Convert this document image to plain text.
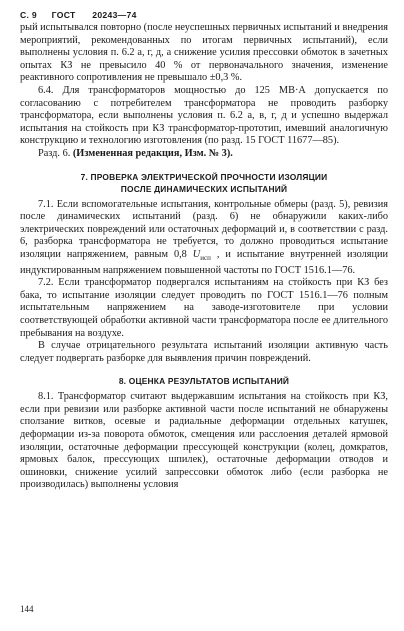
С. 9 ГОСТ 20243—74

рый испытывался повторно (после неуспешных первичных испытаний и внедрения мероприятий, рекомендованных по итогам первичных испытаний), если выполнены условия п. 6.2 а, г, д, а снижение усилия прессовки обмоток в зачетных опытах КЗ не превысило 40 % от первоначального значения, изменение реактивного сопротивления не превышало ±0,3 %.

6.4. Для трансформаторов мощностью до 125 МВ·А допускается по согласованию с потребителем трансформатора не проводить разборку трансформатора, если выполнены условия п. 6.2 а, в, г, д и успешно выдержал испытания на стойкость при КЗ трансформатор-прототип, имевший аналогичную конструкцию и технологию изготовления (по разд. 15 ГОСТ 11677—85).

Разд. 6. (Измененная редакция, Изм. № 3).

7. ПРОВЕРКА ЭЛЕКТРИЧЕСКОЙ ПРОЧНОСТИ ИЗОЛЯЦИИ
ПОСЛЕ ДИНАМИЧЕСКИХ ИСПЫТАНИЙ

7.1. Если вспомогательные испытания, контрольные обмеры (разд. 5), ревизия после динамических испытаний (разд. 6) не обнаружили каких-либо электрических повреждений или остаточных деформаций и, в соответствии с разд. 6, разборка трансформатора не требуется, то должно проводиться испытание изоляции напряжением, равным 0,8 $U_{исп}$ , и испытание внутренней изоляции индуктированным напряжением повышенной частоты по ГОСТ 1516.1—76.

7.2. Если трансформатор подвергался испытаниям на стойкость при КЗ без бака, то испытание изоляции следует проводить по ГОСТ 1516.1—76 полным испытательным напряжением на заводе-изготовителе при условии соответствующей обработки активной части трансформатора после ее длительного пребывания на воздухе.

В случае отрицательного результата испытаний изоляции активную часть следует подвергать разборке для выявления причин повреждений.

8. ОЦЕНКА РЕЗУЛЬТАТОВ ИСПЫТАНИЙ

8.1. Трансформатор считают выдержавшим испытания на стойкость при КЗ, если при ревизии или разборке активной части после испытаний не обнаружены сползание витков, осевые и радиальные деформации отдельных катушек, деформации из-за поворота обмоток, смещения или расслоения деталей ярмовой изоляции, остаточные деформации прессующей конструкции (колец, домкратов, ярмовых балок, прессующих шпилек), остаточные деформации отводов и ошиновки, снижение усилий запрессовки обмоток либо (если разборка не производилась) выполнены условия

144
